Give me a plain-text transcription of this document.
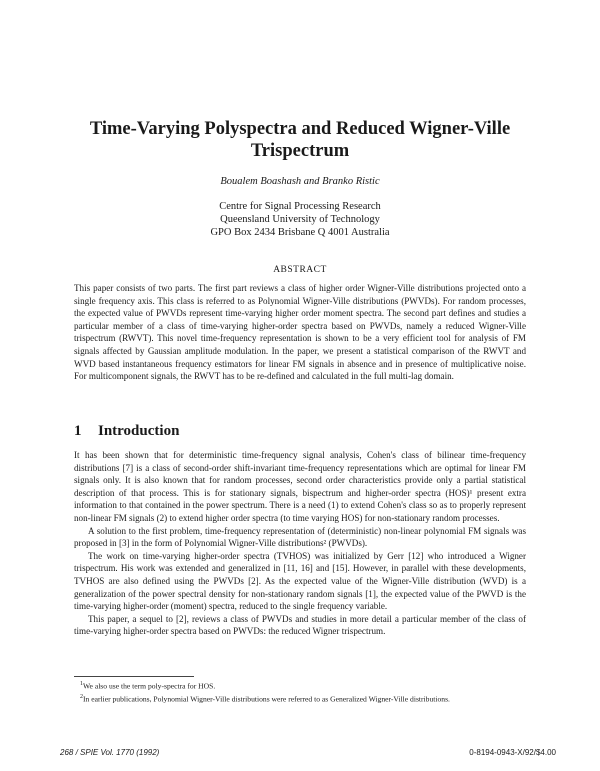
Time-Varying Polyspectra and Reduced Wigner-Ville Trispectrum
Boualem Boashash and Branko Ristic
Centre for Signal Processing Research
Queensland University of Technology
GPO Box 2434 Brisbane Q 4001 Australia
ABSTRACT
This paper consists of two parts. The first part reviews a class of higher order Wigner-Ville distributions projected onto a single frequency axis. This class is referred to as Polynomial Wigner-Ville distributions (PWVDs). For random processes, the expected value of PWVDs represent time-varying higher order moment spectra. The second part defines and studies a particular member of a class of time-varying higher-order spectra based on PWVDs, namely a reduced Wigner-Ville trispectrum (RWVT). This novel time-frequency representation is shown to be a very efficient tool for analysis of FM signals affected by Gaussian amplitude modulation. In the paper, we present a statistical comparison of the RWVT and WVD based instantaneous frequency estimators for linear FM signals in absence and in presence of multiplicative noise. For multicomponent signals, the RWVT has to be re-defined and calculated in the full multi-lag domain.
1 Introduction

It has been shown that for deterministic time-frequency signal analysis, Cohen's class of bilinear time-frequency distributions [7] is a class of second-order shift-invariant time-frequency representations which are optimal for linear FM signals only. It is also known that for random processes, second order characteristics provide only a partial statistical description of that process. This is for stationary signals, bispectrum and higher-order spectra (HOS)¹ present extra information to that contained in the power spectrum. There is a need (1) to extend Cohen's class so as to properly represent non-linear FM signals (2) to extend higher order spectra (to time varying HOS) for non-stationary random processes.

A solution to the first problem, time-frequency representation of (deterministic) non-linear polynomial FM signals was proposed in [3] in the form of Polynomial Wigner-Ville distributions² (PWVDs).

The work on time-varying higher-order spectra (TVHOS) was initialized by Gerr [12] who introduced a Wigner trispectrum. His work was extended and generalized in [11, 16] and [15]. However, in parallel with these developments, TVHOS are also defined using the PWVDs [2]. As the expected value of the Wigner-Ville distribution (WVD) is a generalization of the power spectral density for non-stationary random signals [1], the expected value of the PWVD is the time-varying higher-order (moment) spectra, reduced to the single frequency variable.

This paper, a sequel to [2], reviews a class of PWVDs and studies in more detail a particular member of the class of time-varying higher-order spectra based on PWVDs: the reduced Wigner trispectrum.

$^1$We also use the term poly-spectra for HOS.
$^2$In earlier publications, Polynomial Wigner-Ville distributions were referred to as Generalized Wigner-Ville distributions.
268 / SPIE Vol. 1770 (1992)	0-8194-0943-X/92/$4.00
